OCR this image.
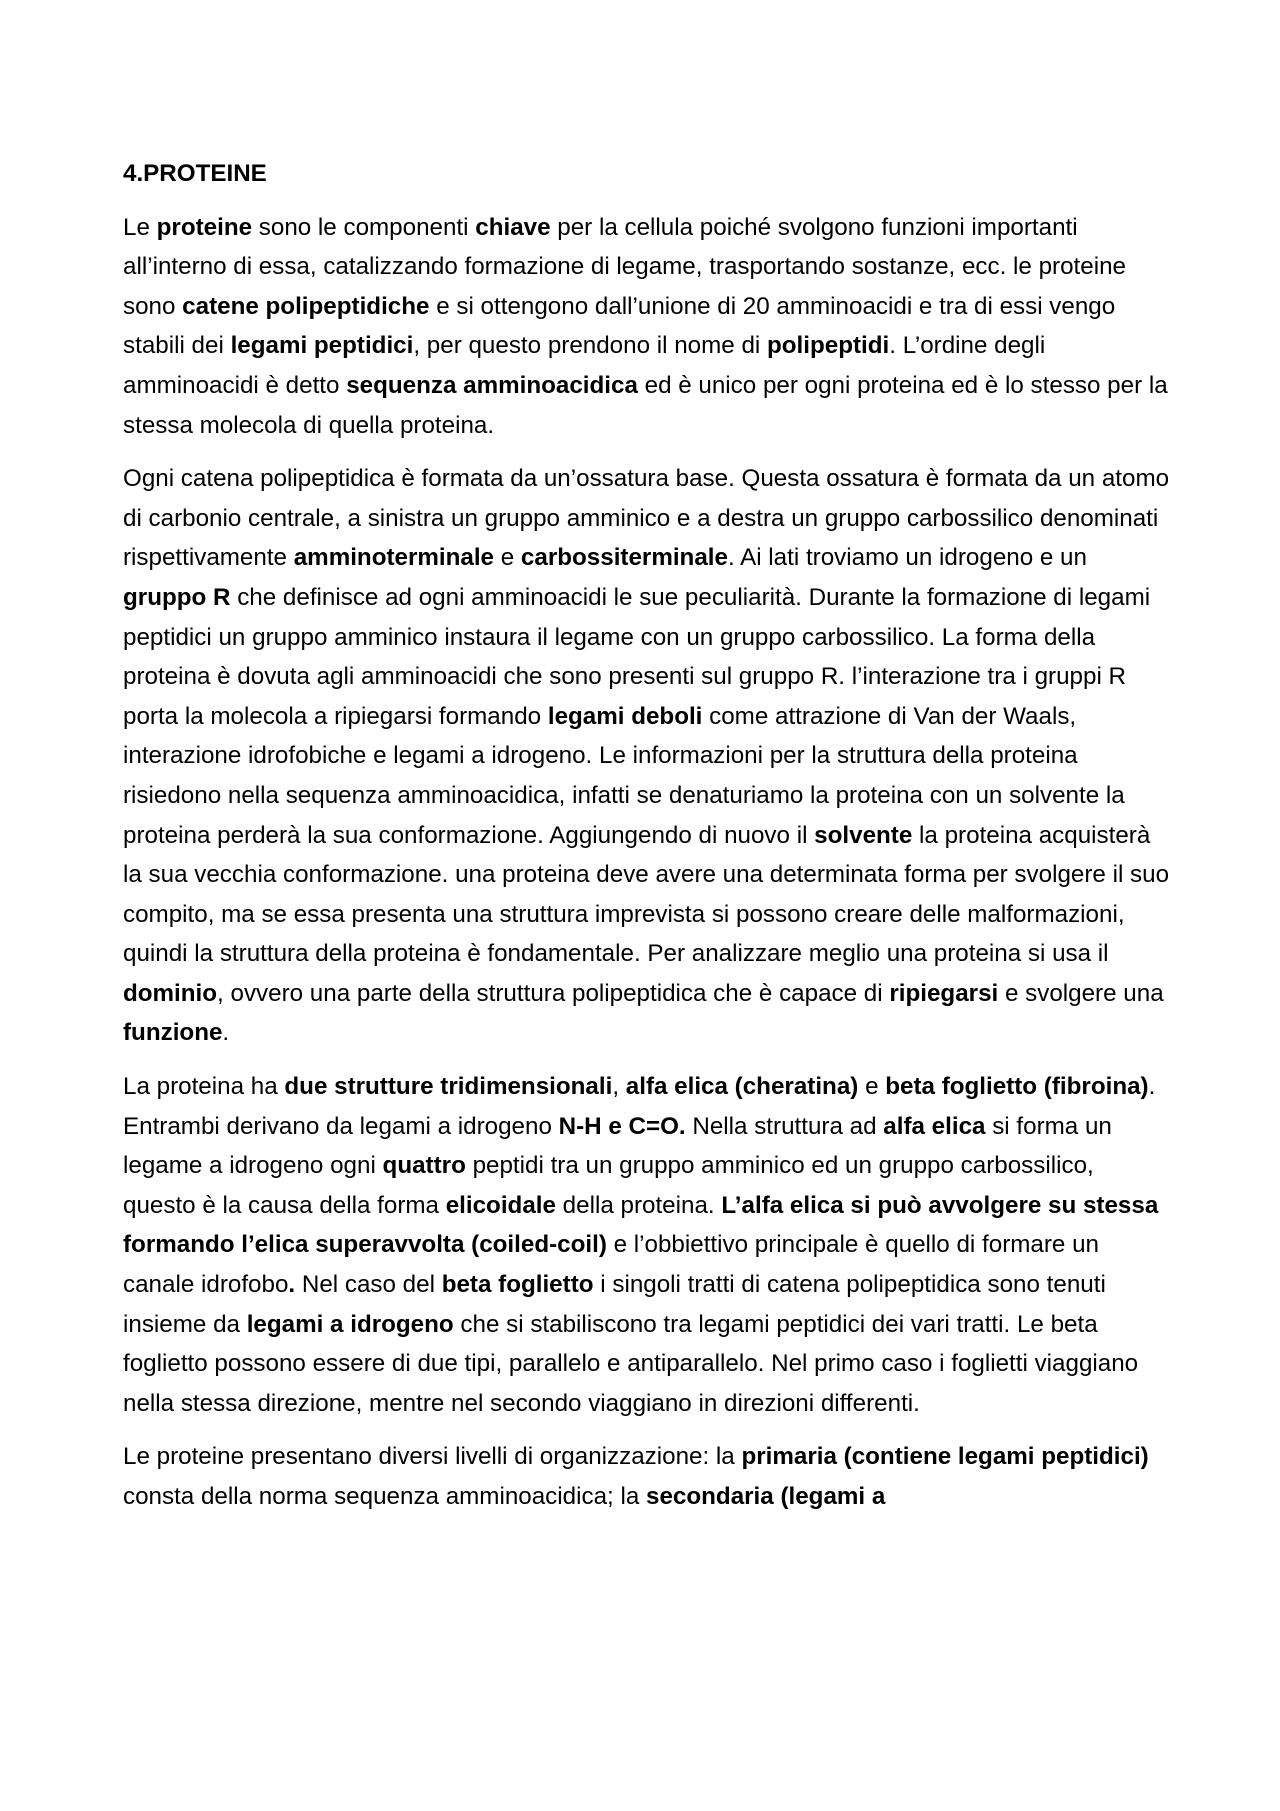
4.PROTEINE

Le proteine sono le componenti chiave per la cellula poiché svolgono funzioni importanti all’interno di essa, catalizzando formazione di legame, trasportando sostanze, ecc. le proteine sono catene polipeptidiche e si ottengono dall’unione di 20 amminoacidi e tra di essi vengo stabili dei legami peptidici, per questo prendono il nome di polipeptidi. L’ordine degli amminoacidi è detto sequenza amminoacidica ed è unico per ogni proteina ed è lo stesso per la stessa molecola di quella proteina.

Ogni catena polipeptidica è formata da un’ossatura base. Questa ossatura è formata da un atomo di carbonio centrale, a sinistra un gruppo amminico e a destra un gruppo carbossilico denominati rispettivamente amminoterminale e carbossiterminale. Ai lati troviamo un idrogeno e un gruppo R che definisce ad ogni amminoacidi le sue peculiarità. Durante la formazione di legami peptidici un gruppo amminico instaura il legame con un gruppo carbossilico. La forma della proteina è dovuta agli amminoacidi che sono presenti sul gruppo R. l’interazione tra i gruppi R porta la molecola a ripiegarsi formando legami deboli come attrazione di Van der Waals, interazione idrofobiche e legami a idrogeno. Le informazioni per la struttura della proteina risiedono nella sequenza amminoacidica, infatti se denaturiamo la proteina con un solvente la proteina perderà la sua conformazione. Aggiungendo di nuovo il solvente la proteina acquisterà la sua vecchia conformazione. una proteina deve avere una determinata forma per svolgere il suo compito, ma se essa presenta una struttura imprevista si possono creare delle malformazioni, quindi la struttura della proteina è fondamentale. Per analizzare meglio una proteina si usa il dominio, ovvero una parte della struttura polipeptidica che è capace di ripiegarsi e svolgere una funzione.

La proteina ha due strutture tridimensionali, alfa elica (cheratina) e beta foglietto (fibroina). Entrambi derivano da legami a idrogeno N-H e C=O. Nella struttura ad alfa elica si forma un legame a idrogeno ogni quattro peptidi tra un gruppo amminico ed un gruppo carbossilico, questo è la causa della forma elicoidale della proteina. L’alfa elica si può avvolgere su stessa formando l’elica superavvolta (coiled-coil) e l’obbiettivo principale è quello di formare un canale idrofobo. Nel caso del beta foglietto i singoli tratti di catena polipeptidica sono tenuti insieme da legami a idrogeno che si stabiliscono tra legami peptidici dei vari tratti. Le beta foglietto possono essere di due tipi, parallelo e antiparallelo. Nel primo caso i foglietti viaggiano nella stessa direzione, mentre nel secondo viaggiano in direzioni differenti.

Le proteine presentano diversi livelli di organizzazione: la primaria (contiene legami peptidici) consta della norma sequenza amminoacidica; la secondaria (legami a
